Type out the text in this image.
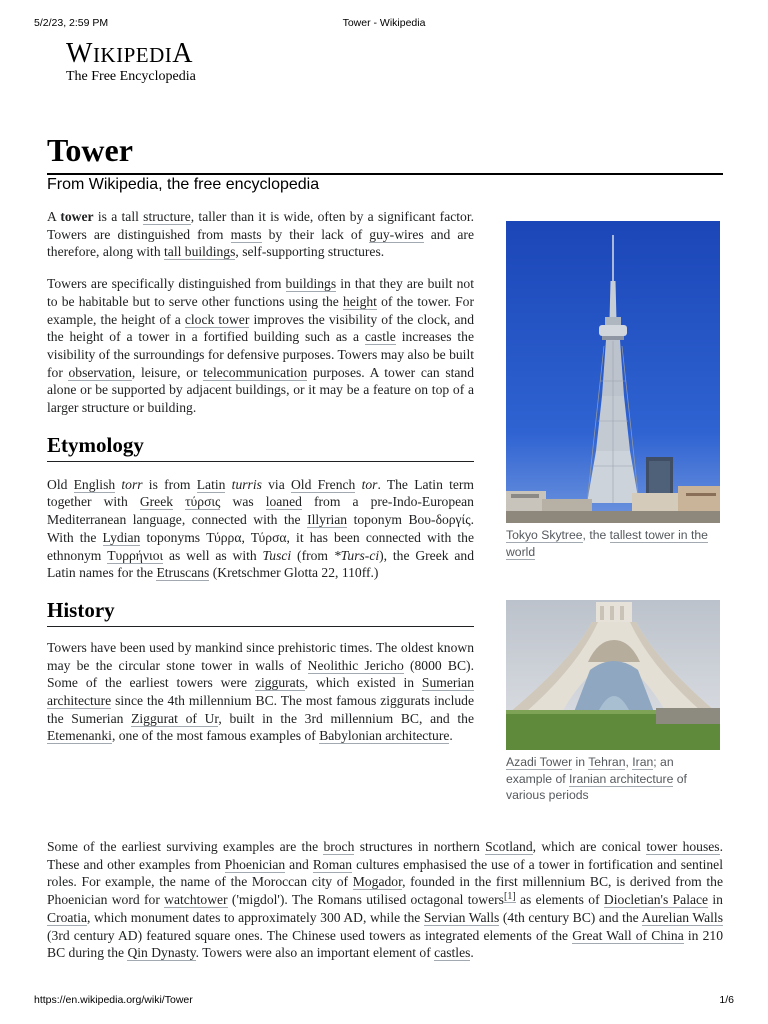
5/2/23, 2:59 PM	Tower - Wikipedia
WIKIPEDIA
The Free Encyclopedia
Tower
From Wikipedia, the free encyclopedia

A tower is a tall structure, taller than it is wide, often by a significant factor. Towers are distinguished from masts by their lack of guy-wires and are therefore, along with tall buildings, self-supporting structures.

Towers are specifically distinguished from buildings in that they are built not to be habitable but to serve other functions using the height of the tower. For example, the height of a clock tower improves the visibility of the clock, and the height of a tower in a fortified building such as a castle increases the visibility of the surroundings for defensive purposes. Towers may also be built for observation, leisure, or telecommunication purposes. A tower can stand alone or be supported by adjacent buildings, or it may be a feature on top of a larger structure or building.

Etymology

Old English torr is from Latin turris via Old French tor. The Latin term together with Greek τύρσις was loaned from a pre-Indo-European Mediterranean language, connected with the Illyrian toponym Βου-δοργίς. With the Lydian toponyms Τύρρα, Τύρσα, it has been connected with the ethnonym Τυρρήνιοι as well as with Tusci (from *Turs-ci), the Greek and Latin names for the Etruscans (Kretschmer Glotta 22, 110ff.)

History

Towers have been used by mankind since prehistoric times. The oldest known may be the circular stone tower in walls of Neolithic Jericho (8000 BC). Some of the earliest towers were ziggurats, which existed in Sumerian architecture since the 4th millennium BC. The most famous ziggurats include the Sumerian Ziggurat of Ur, built in the 3rd millennium BC, and the Etemenanki, one of the most famous examples of Babylonian architecture.

Some of the earliest surviving examples are the broch structures in northern Scotland, which are conical tower houses. These and other examples from Phoenician and Roman cultures emphasised the use of a tower in fortification and sentinel roles. For example, the name of the Moroccan city of Mogador, founded in the first millennium BC, is derived from the Phoenician word for watchtower ('migdol'). The Romans utilised octagonal towers[1] as elements of Diocletian's Palace in Croatia, which monument dates to approximately 300 AD, while the Servian Walls (4th century BC) and the Aurelian Walls (3rd century AD) featured square ones. The Chinese used towers as integrated elements of the Great Wall of China in 210 BC during the Qin Dynasty. Towers were also an important element of castles.

Tokyo Skytree, the tallest tower in the world
Azadi Tower in Tehran, Iran; an example of Iranian architecture of various periods
https://en.wikipedia.org/wiki/Tower	1/6
